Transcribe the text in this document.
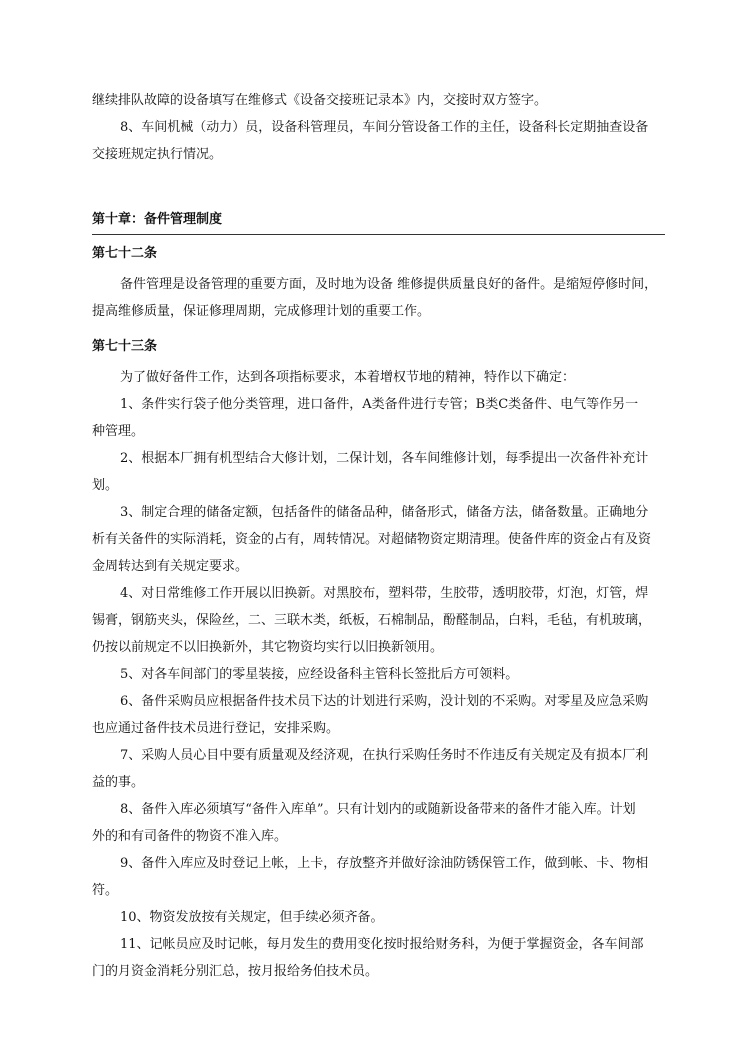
继续排队故障的设备填写在维修式《设备交接班记录本》内，交接时双方签字。
8、车间机械（动力）员，设备科管理员，车间分管设备工作的主任，设备科长定期抽查设备
交接班规定执行情况。

第十章：备件管理制度
第七十二条

备件管理是设备管理的重要方面，及时地为设备 维修提供质量良好的备件。是缩短停修时间，
提高维修质量，保证修理周期，完成修理计划的重要工作。

第七十三条

为了做好备件工作，达到各项指标要求，本着增权节地的精神，特作以下确定：

1、条件实行袋子他分类管理，进口备件，A类备件进行专管；B类C类备件、电气等作另一
种管理。
2、根据本厂拥有机型结合大修计划，二保计划，各车间维修计划，每季提出一次备件补充计
划。
3、制定合理的储备定额，包括备件的储备品种，储备形式，储备方法，储备数量。正确地分
析有关备件的实际消耗，资金的占有，周转情况。对超储物资定期清理。使备件库的资金占有及资
金周转达到有关规定要求。
4、对日常维修工作开展以旧换新。对黑胶布，塑料带，生胶带，透明胶带，灯泡，灯管，焊
锡膏，钢筋夹头，保险丝，二、三联木类，纸板，石棉制品，酚醛制品，白料，毛毡，有机玻璃，
仍按以前规定不以旧换新外，其它物资均实行以旧换新领用。
5、对各车间部门的零星装接，应经设备科主管科长签批后方可领料。
6、备件采购员应根据备件技术员下达的计划进行采购，没计划的不采购。对零星及应急采购
也应通过备件技术员进行登记，安排采购。
7、采购人员心目中要有质量观及经济观，在执行采购任务时不作违反有关规定及有损本厂利
益的事。
8、备件入库必须填写“备件入库单”。只有计划内的或随新设备带来的备件才能入库。计划
外的和有司备件的物资不准入库。
9、备件入库应及时登记上帐，上卡，存放整齐并做好涂油防锈保管工作，做到帐、卡、物相
符。
10、物资发放按有关规定，但手续必须齐备。
11、记帐员应及时记帐，每月发生的费用变化按时报给财务科，为便于掌握资金，各车间部
门的月资金消耗分别汇总，按月报给务伯技术员。
